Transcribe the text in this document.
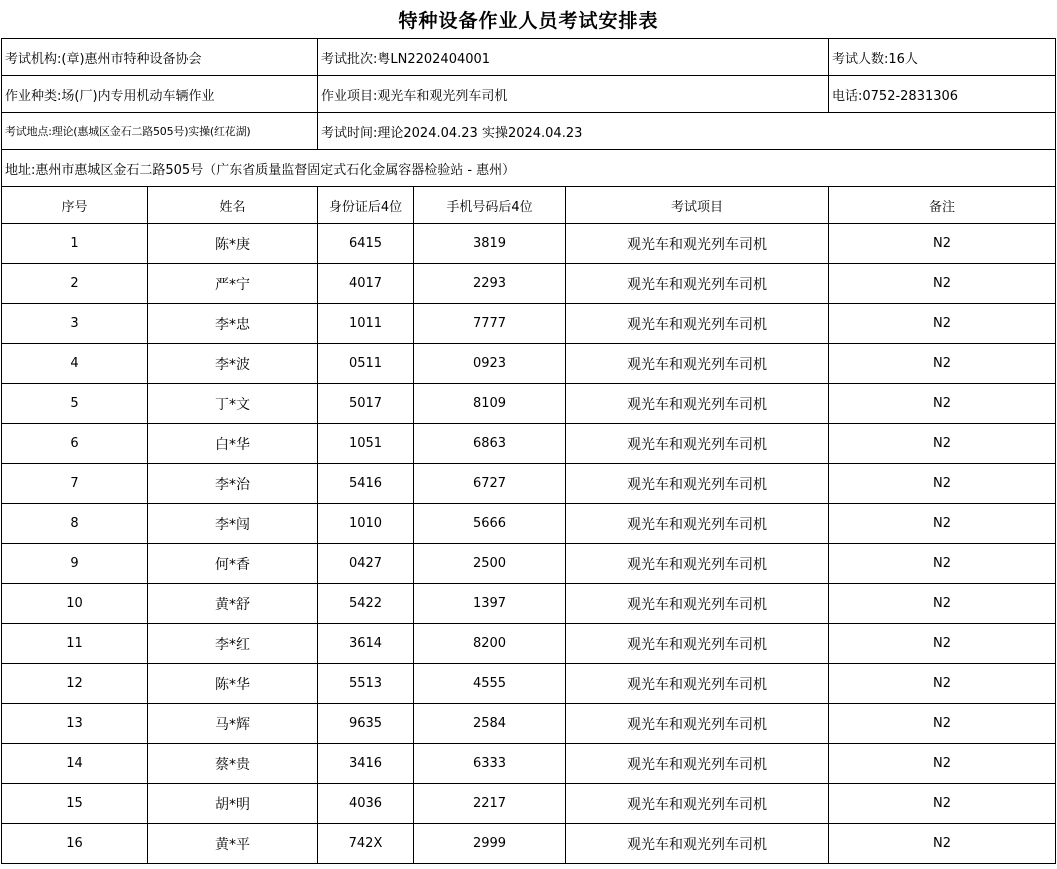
特种设备作业人员考试安排表
考试机构:(章)惠州市特种设备协会		考试批次:粤LN2202404001			考试人数:16人
作业种类:场(厂)内专用机动车辆作业		作业项目:观光车和观光列车司机			电话:0752-2831306
考试地点:理论(惠城区金石二路505号)实操(红花湖)		考试时间:理论2024.04.23 实操2024.04.23			
地址:惠州市惠城区金石二路505号（广东省质量监督固定式石化金属容器检验站 - 惠州）					
序号	姓名	身份证后4位	手机号码后4位	考试项目	备注
1	陈*庚	6415	3819	观光车和观光列车司机	N2
2	严*宁	4017	2293	观光车和观光列车司机	N2
3	李*忠	1011	7777	观光车和观光列车司机	N2
4	李*波	0511	0923	观光车和观光列车司机	N2
5	丁*文	5017	8109	观光车和观光列车司机	N2
6	白*华	1051	6863	观光车和观光列车司机	N2
7	李*治	5416	6727	观光车和观光列车司机	N2
8	李*闯	1010	5666	观光车和观光列车司机	N2
9	何*香	0427	2500	观光车和观光列车司机	N2
10	黄*舒	5422	1397	观光车和观光列车司机	N2
11	李*红	3614	8200	观光车和观光列车司机	N2
12	陈*华	5513	4555	观光车和观光列车司机	N2
13	马*辉	9635	2584	观光车和观光列车司机	N2
14	蔡*贵	3416	6333	观光车和观光列车司机	N2
15	胡*明	4036	2217	观光车和观光列车司机	N2
16	黄*平	742X	2999	观光车和观光列车司机	N2
